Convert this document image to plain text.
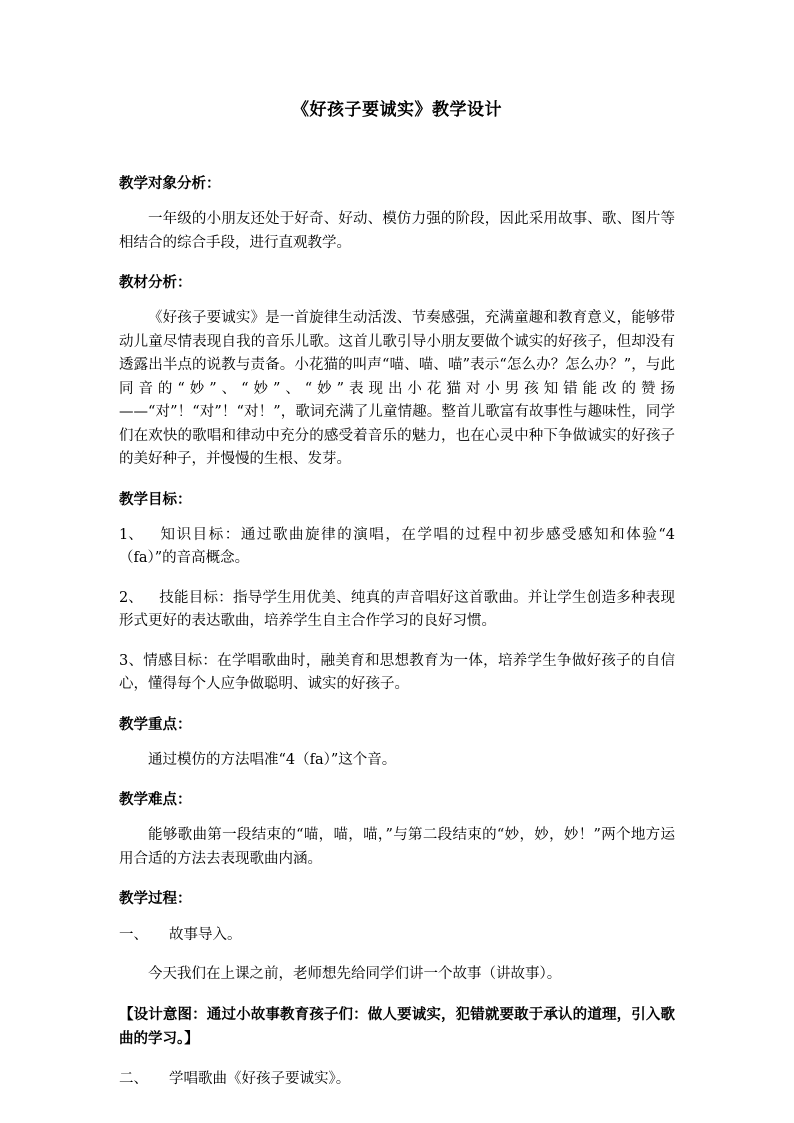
《好孩子要诚实》教学设计
教学对象分析：
一年级的小朋友还处于好奇、好动、模仿力强的阶段，因此采用故事、歌、图片等相结合的综合手段，进行直观教学。
教材分析：
《好孩子要诚实》是一首旋律生动活泼、节奏感强，充满童趣和教育意义，能够带动儿童尽情表现自我的音乐儿歌。这首儿歌引导小朋友要做个诚实的好孩子，但却没有透露出半点的说教与责备。小花猫的叫声“喵、喵、喵”表示“怎么办？怎么办？”，与此同音的“妙”、“妙”、“妙”表现出小花猫对小男孩知错能改的赞扬——“对”！“对”！“对！”，歌词充满了儿童情趣。整首儿歌富有故事性与趣味性，同学们在欢快的歌唱和律动中充分的感受着音乐的魅力，也在心灵中种下争做诚实的好孩子的美好种子，并慢慢的生根、发芽。
教学目标：
1、 知识目标：通过歌曲旋律的演唱，在学唱的过程中初步感受感知和体验“4（fa）”的音高概念。
2、 技能目标：指导学生用优美、纯真的声音唱好这首歌曲。并让学生创造多种表现形式更好的表达歌曲，培养学生自主合作学习的良好习惯。
3、情感目标：在学唱歌曲时，融美育和思想教育为一体，培养学生争做好孩子的自信心，懂得每个人应争做聪明、诚实的好孩子。
教学重点：
通过模仿的方法唱准“4（fa）”这个音。
教学难点：
能够歌曲第一段结束的“喵，喵，喵，”与第二段结束的“妙，妙，妙！”两个地方运用合适的方法去表现歌曲内涵。
教学过程：
一、 故事导入。
今天我们在上课之前，老师想先给同学们讲一个故事（讲故事）。
【设计意图：通过小故事教育孩子们：做人要诚实，犯错就要敢于承认的道理，引入歌曲的学习。】
二、 学唱歌曲《好孩子要诚实》。
